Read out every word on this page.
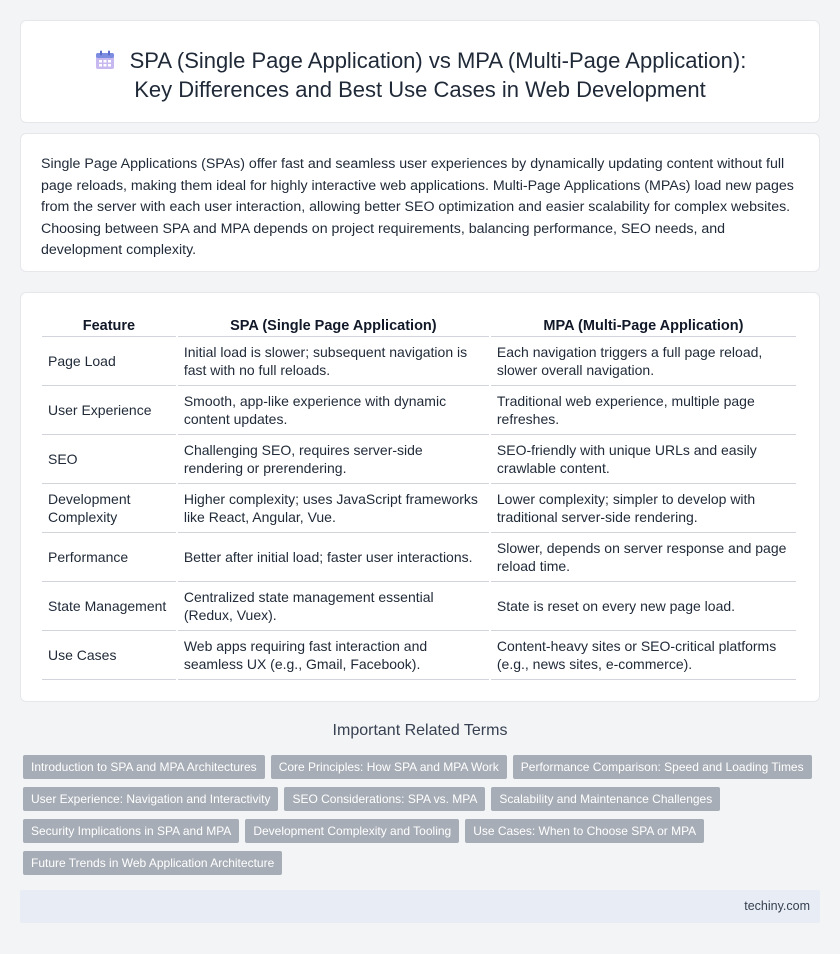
SPA (Single Page Application) vs MPA (Multi-Page Application):
Key Differences and Best Use Cases in Web Development

Single Page Applications (SPAs) offer fast and seamless user experiences by dynamically updating content without full page reloads, making them ideal for highly interactive web applications. Multi-Page Applications (MPAs) load new pages from the server with each user interaction, allowing better SEO optimization and easier scalability for complex websites. Choosing between SPA and MPA depends on project requirements, balancing performance, SEO needs, and development complexity.

Feature	SPA (Single Page Application)	MPA (Multi-Page Application)
Page Load	Initial load is slower; subsequent navigation is fast with no full reloads.	Each navigation triggers a full page reload, slower overall navigation.
User Experience	Smooth, app-like experience with dynamic content updates.	Traditional web experience, multiple page refreshes.
SEO	Challenging SEO, requires server-side rendering or prerendering.	SEO-friendly with unique URLs and easily crawlable content.
Development Complexity	Higher complexity; uses JavaScript frameworks like React, Angular, Vue.	Lower complexity; simpler to develop with traditional server-side rendering.
Performance	Better after initial load; faster user interactions.	Slower, depends on server response and page reload time.
State Management	Centralized state management essential (Redux, Vuex).	State is reset on every new page load.
Use Cases	Web apps requiring fast interaction and seamless UX (e.g., Gmail, Facebook).	Content-heavy sites or SEO-critical platforms (e.g., news sites, e-commerce).
Important Related Terms
Introduction to SPA and MPA Architectures	Core Principles: How SPA and MPA Work	Performance Comparison: Speed and Loading Times
User Experience: Navigation and Interactivity	SEO Considerations: SPA vs. MPA	Scalability and Maintenance Challenges
Security Implications in SPA and MPA	Development Complexity and Tooling	Use Cases: When to Choose SPA or MPA
Future Trends in Web Application Architecture
techiny.com
